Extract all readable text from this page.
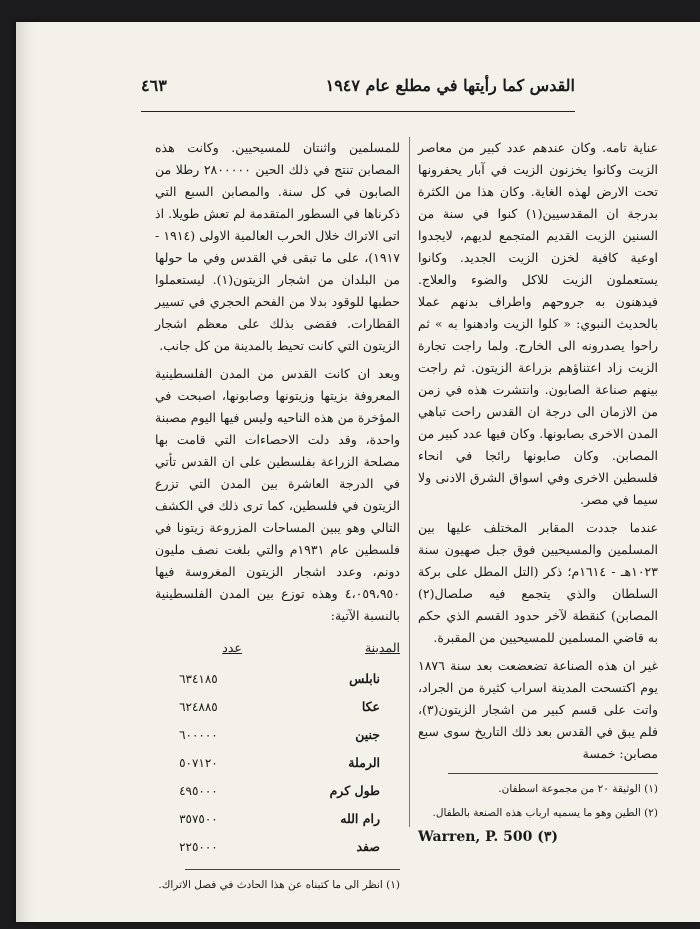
القدس كما رأيتها في مطلع عام ١٩٤٧
٤٦٣

عناية تامه. وكان عندهم عدد كبير من معاصر الزيت وكانوا يخزنون الزيت في آبار يحفرونها تحت الارض لهذه الغاية. وكان هذا من الكثرة بدرجة ان المقدسيين(١) كنوا في سنة من السنين الزيت القديم المتجمع لديهم، لايجدوا اوعية كافية لخزن الزيت الجديد. وكانوا يستعملون الزيت للاكل والضوء والعلاج. فيدهنون به جروحهم واطراف بدنهم عملا بالحديث النبوي: « كلوا الزيت وادهنوا به » ثم راحوا يصدرونه الى الخارج. ولما راجت تجارة الزيت زاد اعتناؤهم بزراعة الزيتون. ثم راجت بينهم صناعة الصابون. وانتشرت هذه في زمن من الازمان الى درجة ان القدس راحت تباهي المدن الاخرى بصابونها. وكان فيها عدد كبير من المصابن. وكان صابونها رائجا في انحاء فلسطين الاخرى وفي اسواق الشرق الادنى ولا سيما في مصر.

عندما جددت المقابر المختلف عليها بين المسلمين والمسيحيين فوق جبل صهيون سنة ١٠٢٣هـ - ١٦١٤م؛ ذكر (التل المطل على بركة السلطان والذي يتجمع فيه صلصال(٢) المصابن) كنقطة لآخر حدود القسم الذي حكم به قاضي المسلمين للمسيحيين من المقبرة.

غير ان هذه الصناعة تضعضعت بعد سنة ١٨٧٦ يوم اكتسحت المدينة اسراب كثيرة من الجراد، واتت على قسم كبير من اشجار الزيتون(٣)، فلم يبق في القدس بعد ذلك التاريخ سوى سبع مصابن: خمسة

(١) الوثيقة ٢٠ من مجموعة اسطفان.

(٢) الطين وهو ما يسميه ارباب هذه الصنعة بالطفال.

Warren, P. 500 (٣)

للمسلمين واثنتان للمسيحيين. وكانت هذه المصابن تنتج في ذلك الحين ٢٨٠٠٠٠٠ رطلا من الصابون في كل سنة. والمصابن السبع التي ذكرناها في السطور المتقدمة لم تعش طويلا. اذ اتى الاتراك خلال الحرب العالمية الاولى (١٩١٤ - ١٩١٧)، على ما تبقى في القدس وفي ما حولها من البلدان من اشجار الزيتون(١). ليستعملوا حطبها للوقود بدلا من الفحم الحجري في تسيير القطارات. فقضى بذلك على معظم اشجار الزيتون التي كانت تحيط بالمدينة من كل جانب.

وبعد ان كانت القدس من المدن الفلسطينية المعروفة بزيتها وزيتونها وصابونها، اصبحت في المؤخرة من هذه الناحيه وليس فيها اليوم مصبنة واحدة، وقد دلت الاحصاءات التي قامت بها مصلحة الزراعة بفلسطين على ان القدس تأتي في الدرجة العاشرة بين المدن التي تزرع الزيتون في فلسطين، كما ترى ذلك في الكشف التالي وهو يبين المساحات المزروعة زيتونا في فلسطين عام ١٩٣١م والتي بلغت نصف مليون دونم، وعدد اشجار الزيتون المغروسة فيها ٤،٠٥٩،٩٥٠ وهذه توزع بين المدن الفلسطينية بالنسبة الآتية:

المدينة	عدد
نابلس	٦٣٤١٨٥
عكا	٦٢٤٨٨٥
جنين	٦٠٠٠٠٠
الرملة	٥٠٧١٢٠
طول كرم	٤٩٥٠٠٠
رام الله	٣٥٧٥٠٠
صفد	٢٢٥٠٠٠

(١) انظر الى ما كتبناه عن هذا الحادث في فصل الاتراك.
